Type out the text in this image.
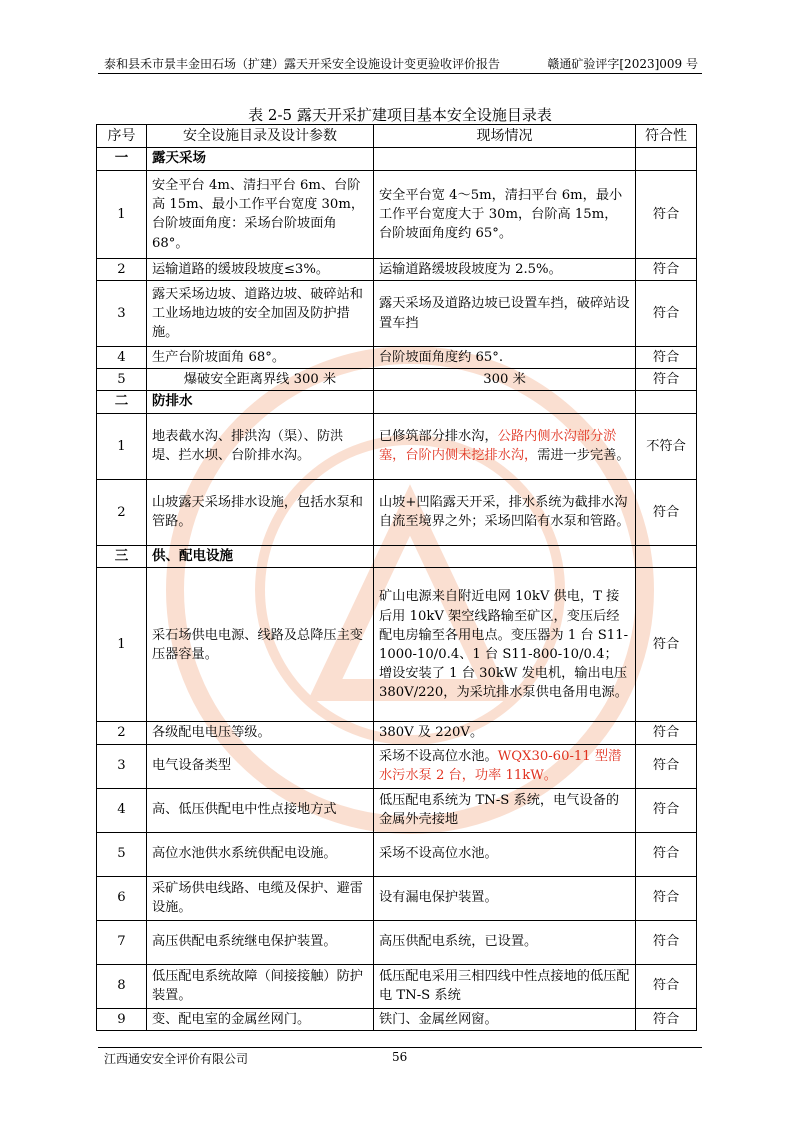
泰和县禾市景丰金田石场（扩建）露天开采安全设施设计变更验收评价报告	赣通矿验评字[2023]009 号
表 2-5 露天开采扩建项目基本安全设施目录表
序号	安全设施目录及设计参数	现场情况	符合性
一	露天采场		
1	安全平台 4m、清扫平台 6m、台阶高 15m、最小工作平台宽度 30m，台阶坡面角度：采场台阶坡面角 68°。	安全平台宽 4～5m，清扫平台 6m，最小工作平台宽度大于 30m，台阶高 15m，台阶坡面角度约 65°。	符合
2	运输道路的缓坡段坡度≤3%。	运输道路缓坡段坡度为 2.5%。	符合
3	露天采场边坡、道路边坡、破碎站和工业场地边坡的安全加固及防护措施。	露天采场及道路边坡已设置车挡，破碎站设置车挡	符合
4	生产台阶坡面角 68°。	台阶坡面角度约 65°.	符合
5	爆破安全距离界线 300 米	300 米	符合
二	防排水		
1	地表截水沟、排洪沟（渠）、防洪堤、拦水坝、台阶排水沟。	已修筑部分排水沟，公路内侧水沟部分淤塞，台阶内侧未挖排水沟，需进一步完善。	不符合
2	山坡露天采场排水设施，包括水泵和管路。	山坡+凹陷露天开采，排水系统为截排水沟自流至境界之外；采场凹陷有水泵和管路。	符合
三	供、配电设施		
1	采石场供电电源、线路及总降压主变压器容量。	矿山电源来自附近电网 10kV 供电，T 接后用 10kV 架空线路输至矿区，变压后经配电房输至各用电点。变压器为 1 台 S11-1000-10/0.4、1 台 S11-800-10/0.4；增设安装了 1 台 30kW 发电机，输出电压 380V/220，为采坑排水泵供电备用电源。	符合
2	各级配电电压等级。	380V 及 220V。	符合
3	电气设备类型	采场不设高位水池。WQX30-60-11 型潜水污水泵 2 台，功率 11kW。	符合
4	高、低压供配电中性点接地方式	低压配电系统为 TN-S 系统，电气设备的金属外壳接地	符合
5	高位水池供水系统供配电设施。	采场不设高位水池。	符合
6	采矿场供电线路、电缆及保护、避雷设施。	设有漏电保护装置。	符合
7	高压供配电系统继电保护装置。	高压供配电系统，已设置。	符合
8	低压配电系统故障（间接接触）防护装置。	低压配电采用三相四线中性点接地的低压配电 TN-S 系统	符合
9	变、配电室的金属丝网门。	铁门、金属丝网窗。	符合
江西通安安全评价有限公司	56
